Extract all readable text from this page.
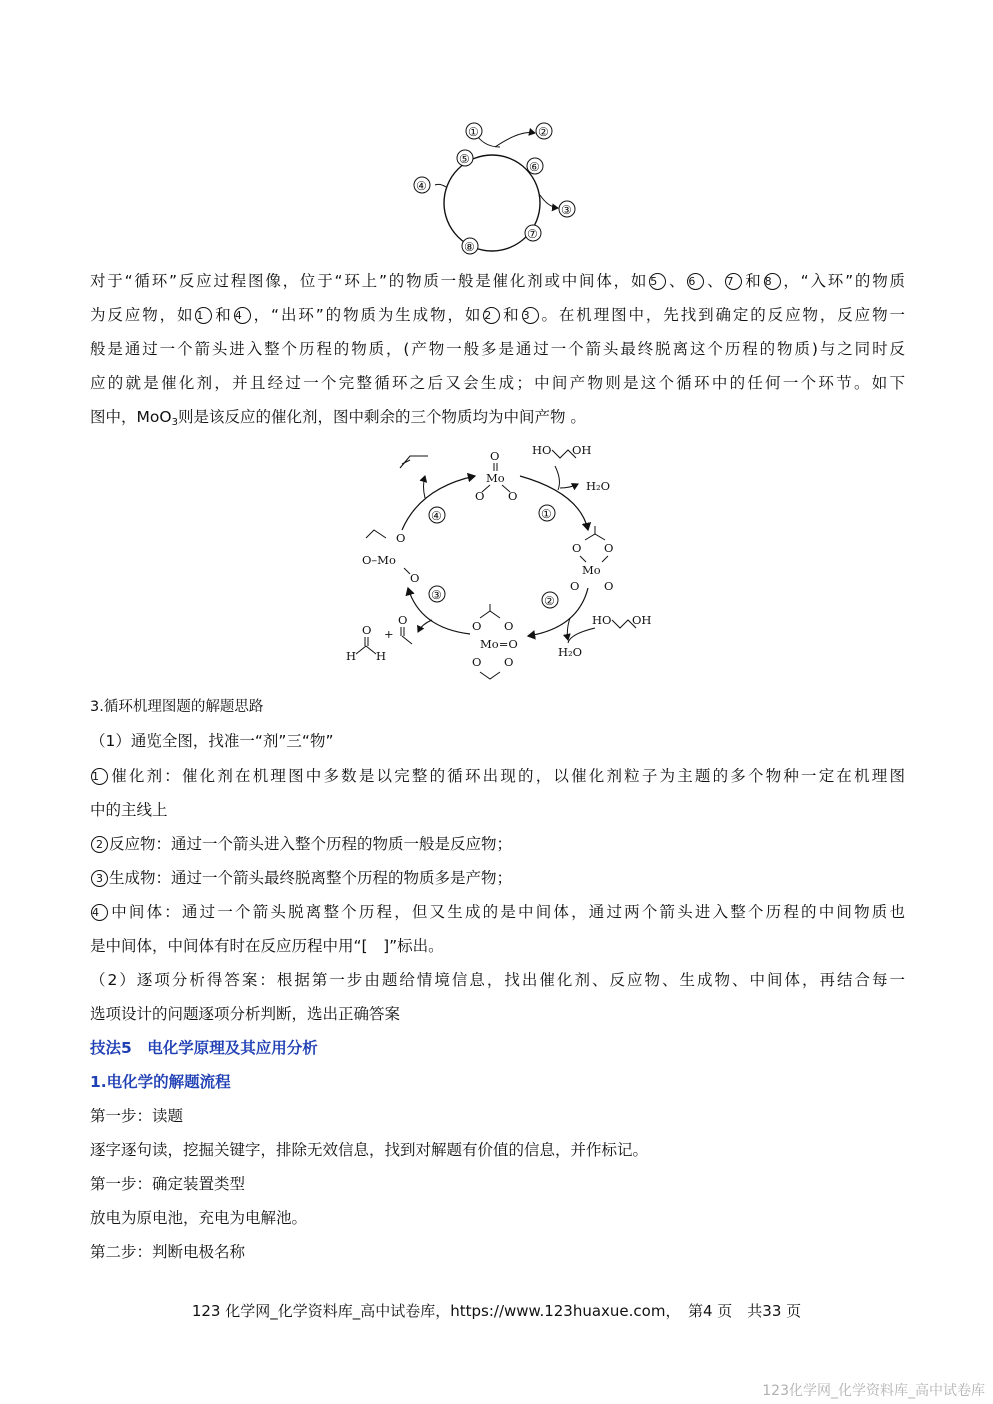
①	②
⑤
⑥
④
③
⑦
⑧
对于“循环”反应过程图像，位于“环上”的物质一般是催化剂或中间体，如 5 、 6 、 7 和 8 ，“入环”的物质
为反应物，如 1 和 4 ，“出环”的物质为生成物，如 2 和 3 。在机理图中，先找到确定的反应物，反应物一
般是通过一个箭头进入整个历程的物质，(产物一般多是通过一个箭头最终脱离这个历程的物质)与之同时反
应的就是催化剂，并且经过一个完整循环之后又会生成；中间产物则是这个循环中的任何一个环节。如下
图中，MoO$_3$则是该反应的催化剂，图中剩余的三个物质均为中间产物 。
①
②
③
④
O
Mo
O O
HO OH
H₂O
O O
Mo
O O
HO OH
H₂O
O O
Mo=O
O O
O
O–Mo
O
O
H H
+
O
3.循环机理图题的解题思路
（1）通览全图，找准一“剂”三“物”
1 催化剂：催化剂在机理图中多数是以完整的循环出现的，以催化剂粒子为主题的多个物种一定在机理图
中的主线上
2 反应物：通过一个箭头进入整个历程的物质一般是反应物；
3 生成物：通过一个箭头最终脱离整个历程的物质多是产物；
4 中间体：通过一个箭头脱离整个历程，但又生成的是中间体，通过两个箭头进入整个历程的中间物质也
是中间体，中间体有时在反应历程中用“[　]”标出。
（2）逐项分析得答案：根据第一步由题给情境信息，找出催化剂、反应物、生成物、中间体，再结合每一
选项设计的问题逐项分析判断，选出正确答案
技法5　电化学原理及其应用分析
1.电化学的解题流程
第一步：读题
逐字逐句读，挖掘关键字，排除无效信息，找到对解题有价值的信息，并作标记。
第一步：确定装置类型
放电为原电池，充电为电解池。
第二步：判断电极名称
123 化学网_化学资料库_高中试卷库，https://www.123huaxue.com，　第4 页　共33 页
123化学网_化学资料库_高中试卷库
